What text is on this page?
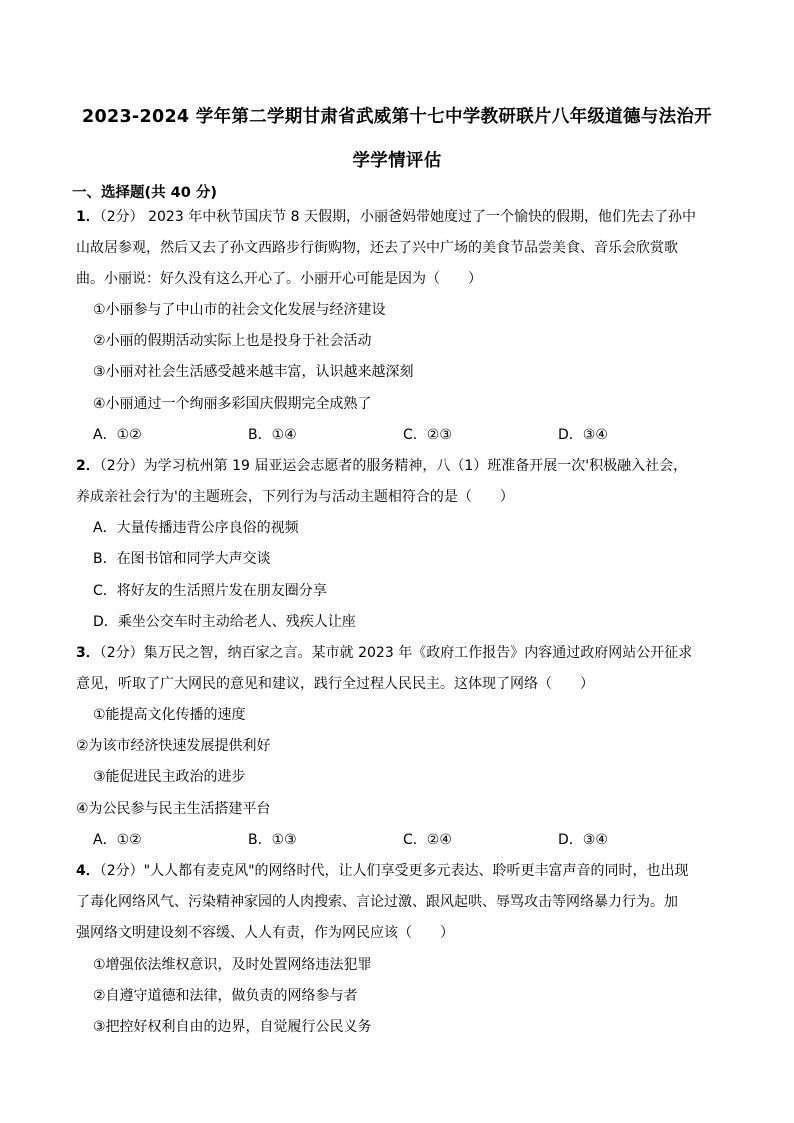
2023-2024 学年第二学期甘肃省武威第十七中学教研联片八年级道德与法治开
学学情评估
一、选择题(共 40 分)
1．（2分） 2023 年中秋节国庆节 8 天假期，小丽爸妈带她度过了一个愉快的假期，他们先去了孙中
山故居参观，然后又去了孙文西路步行街购物，还去了兴中广场的美食节品尝美食、音乐会欣赏歌
曲。小丽说：好久没有这么开心了。小丽开心可能是因为（　　）
①小丽参与了中山市的社会文化发展与经济建设
②小丽的假期活动实际上也是投身于社会活动
③小丽对社会生活感受越来越丰富，认识越来越深刻
④小丽通过一个绚丽多彩国庆假期完全成熟了
A．①②	B．①④	C．②③	D．③④
2．（2分）为学习杭州第 19 届亚运会志愿者的服务精神，八（1）班准备开展一次'积极融入社会，
养成亲社会行为'的主题班会，下列行为与活动主题相符合的是（　　）
A．大量传播违背公序良俗的视频
B．在图书馆和同学大声交谈
C．将好友的生活照片发在朋友圈分享
D．乘坐公交车时主动给老人、残疾人让座
3．（2分）集万民之智，纳百家之言。某市就 2023 年《政府工作报告》内容通过政府网站公开征求
意见，听取了广大网民的意见和建议，践行全过程人民民主。这体现了网络（　　）
①能提高文化传播的速度
②为该市经济快速发展提供利好
③能促进民主政治的进步
④为公民参与民主生活搭建平台
A．①②	B．①③	C．②④	D．③④
4．（2分）"人人都有麦克风"的网络时代，让人们享受更多元表达、聆听更丰富声音的同时，也出现
了毒化网络风气、污染精神家园的人肉搜索、言论过激、跟风起哄、辱骂攻击等网络暴力行为。加
强网络文明建设刻不容缓、人人有责，作为网民应该（　　）
①增强依法维权意识，及时处置网络违法犯罪
②自遵守道德和法律，做负责的网络参与者
③把控好权利自由的边界，自觉履行公民义务
